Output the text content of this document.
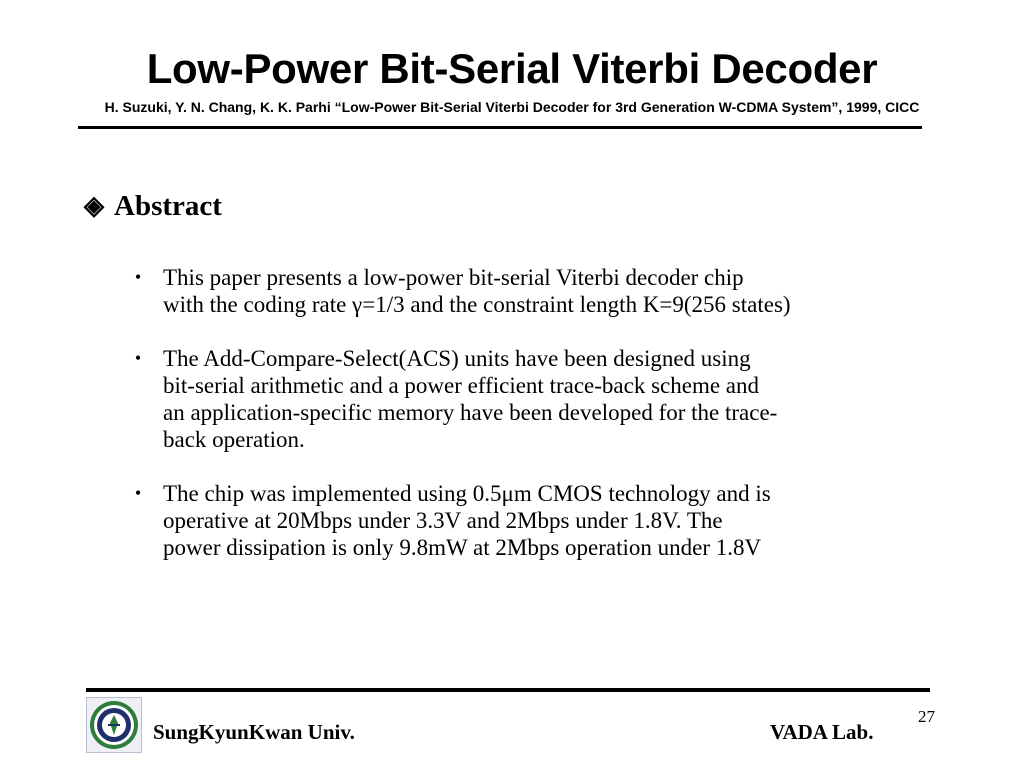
Low-Power Bit-Serial Viterbi Decoder
H. Suzuki, Y. N. Chang, K. K. Parhi “Low-Power Bit-Serial Viterbi Decoder for 3rd Generation W-CDMA System”, 1999, CICC
◈ Abstract
• This paper presents a low-power bit-serial Viterbi decoder chip
with the coding rate γ=1/3 and the constraint length K=9(256 states)
• The Add-Compare-Select(ACS) units have been designed using
bit-serial arithmetic and a power efficient trace-back scheme and
an application-specific memory have been developed for the trace-
back operation.
• The chip was implemented using 0.5μm CMOS technology and is
operative at 20Mbps under 3.3V and 2Mbps under 1.8V. The
power dissipation is only 9.8mW at 2Mbps operation under 1.8V
SungKyunKwan Univ.	VADA Lab.
27
